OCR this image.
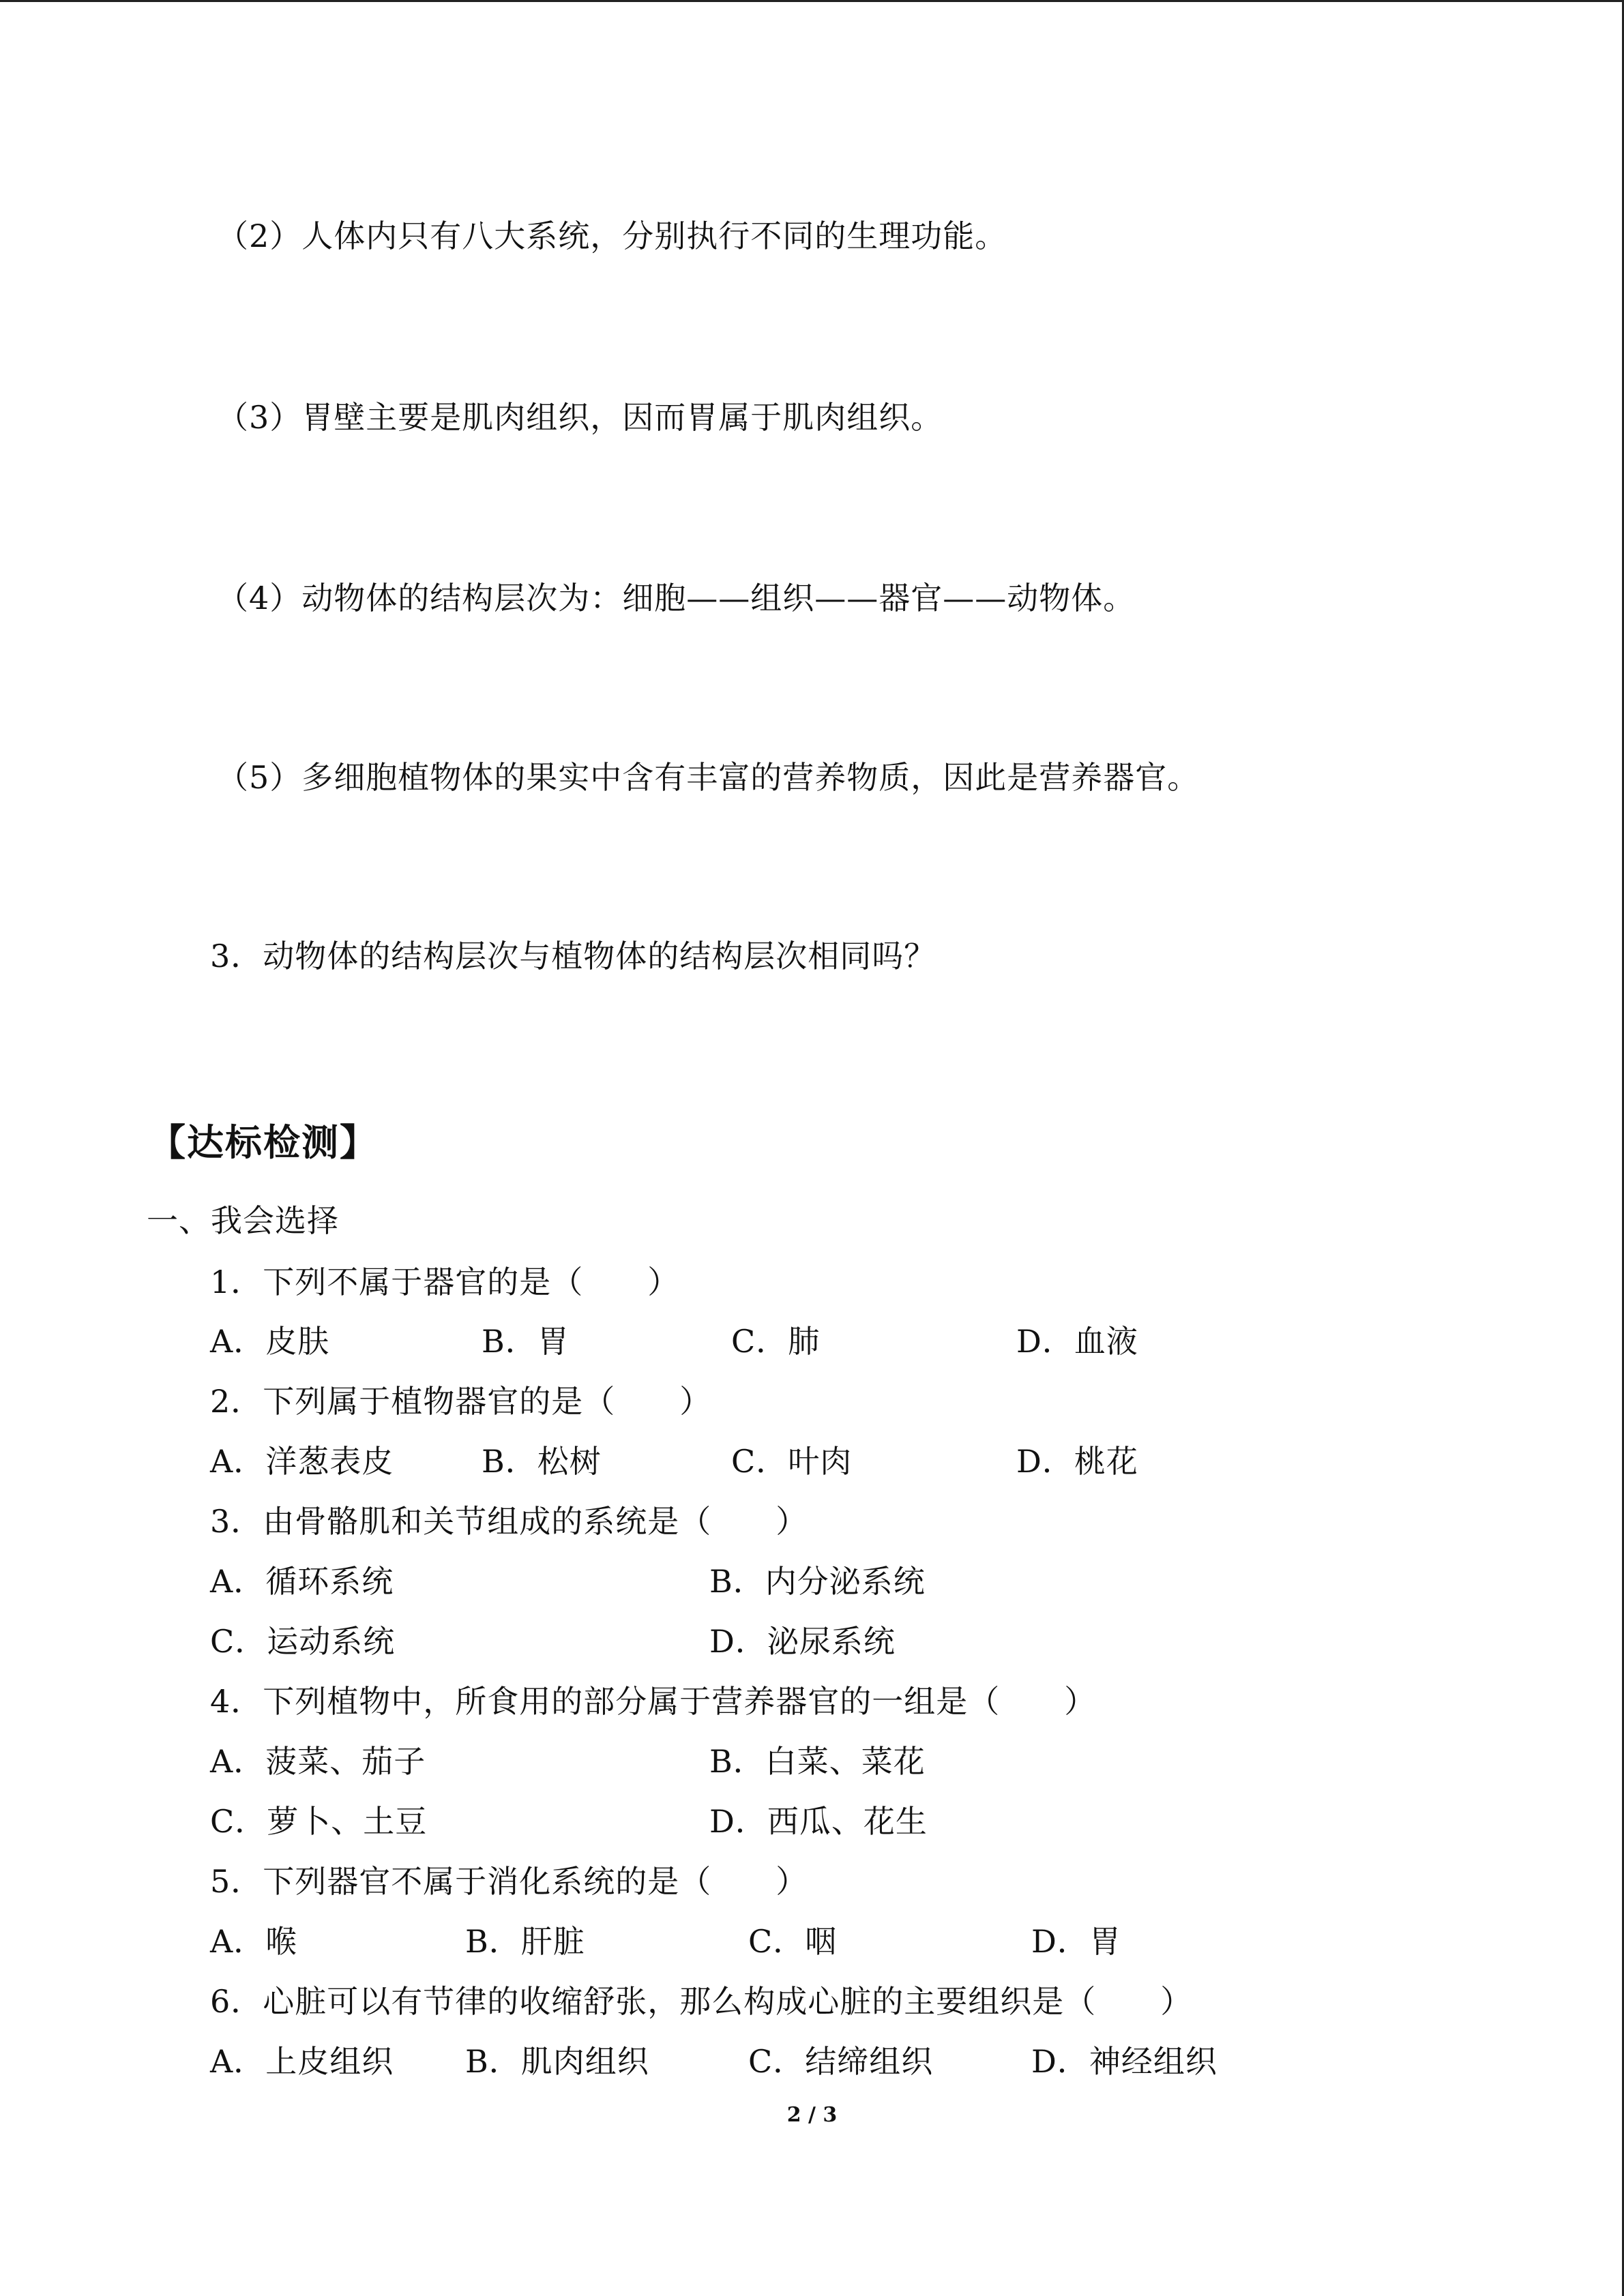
（2）人体内只有八大系统，分别执行不同的生理功能。
（3）胃壁主要是肌肉组织，因而胃属于肌肉组织。
（4）动物体的结构层次为：细胞——组织——器官——动物体。
（5）多细胞植物体的果实中含有丰富的营养物质，因此是营养器官。
3．动物体的结构层次与植物体的结构层次相同吗？
【达标检测】
一、我会选择
1．下列不属于器官的是（　　）
A．皮肤	B．胃	C．肺	D．血液
2．下列属于植物器官的是（　　）
A．洋葱表皮	B．松树	C．叶肉	D．桃花
3．由骨骼肌和关节组成的系统是（　　）
A．循环系统	B．内分泌系统
C．运动系统	D．泌尿系统
4．下列植物中，所食用的部分属于营养器官的一组是（　　）
A．菠菜、茄子	B．白菜、菜花
C．萝卜、土豆	D．西瓜、花生
5．下列器官不属于消化系统的是（　　）
A．喉	B．肝脏	C．咽	D．胃
6．心脏可以有节律的收缩舒张，那么构成心脏的主要组织是（　　）
A．上皮组织 B．肌肉组织	C．结缔组织	D．神经组织
2 / 3
